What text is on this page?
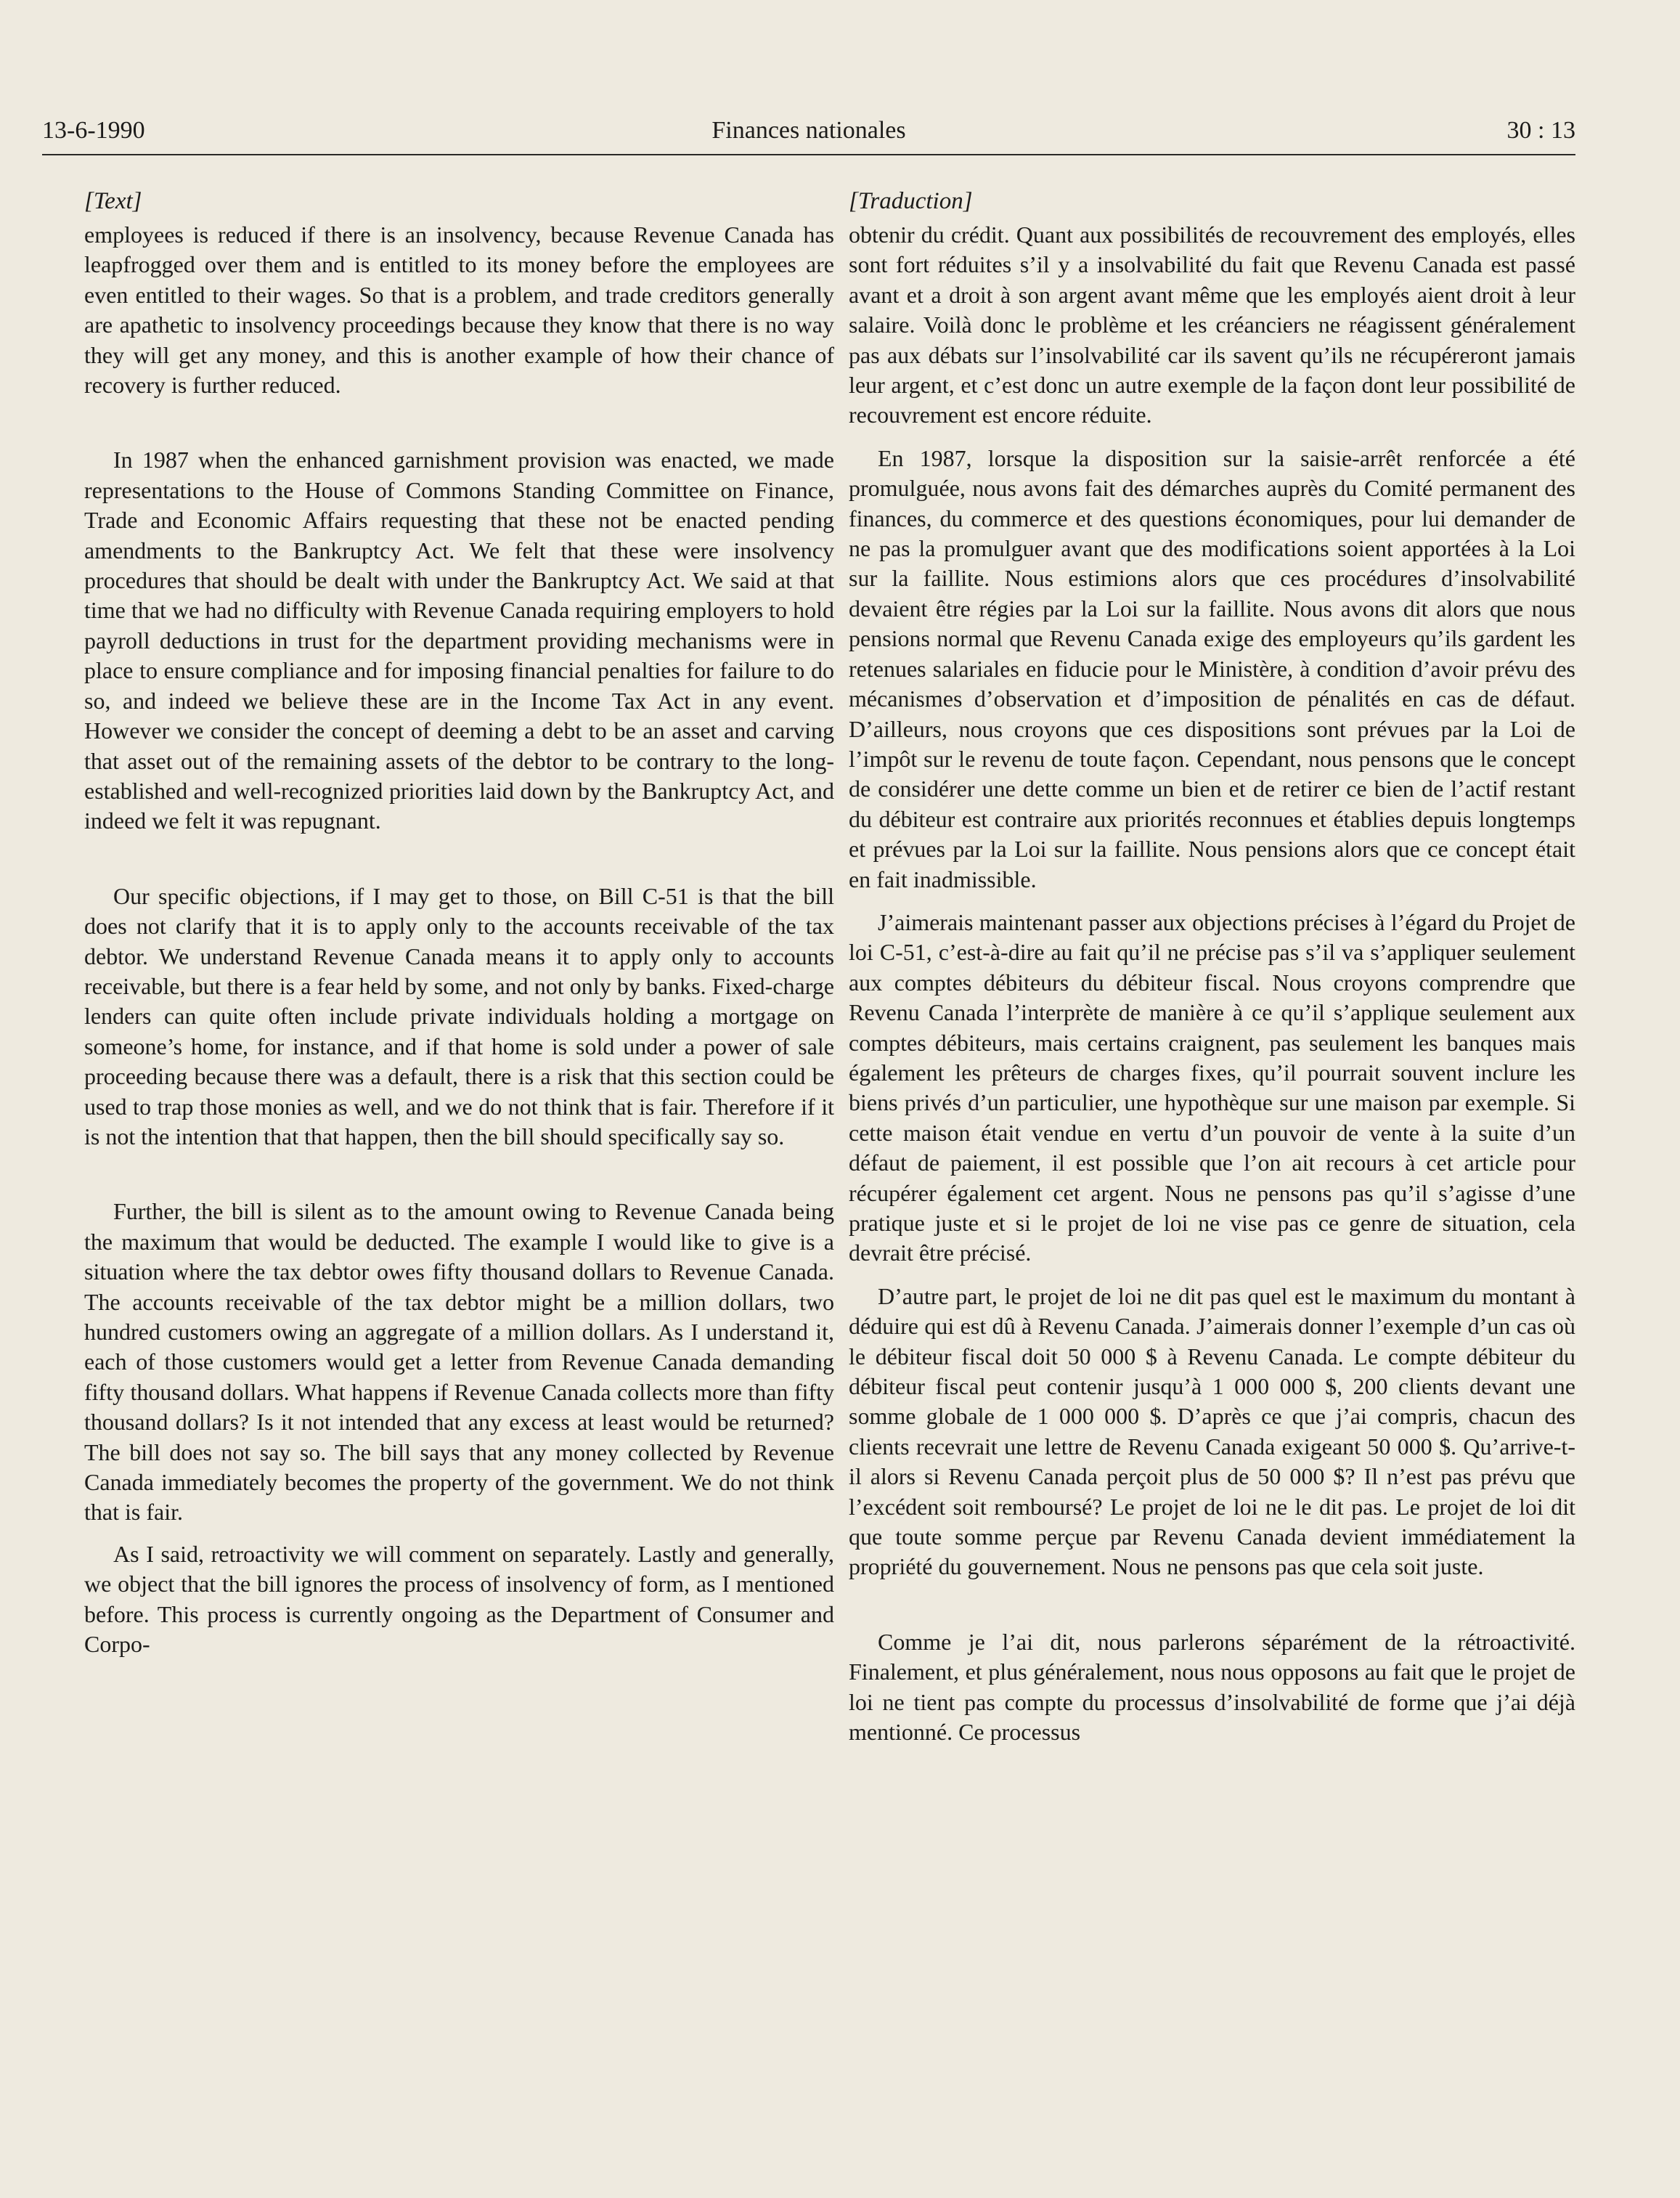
13-6-1990	Finances nationales	30 : 13
[Text]

employees is reduced if there is an insolvency, because Revenue Canada has leapfrogged over them and is entitled to its money before the employees are even entitled to their wages. So that is a problem, and trade creditors generally are apathetic to insolvency proceedings because they know that there is no way they will get any money, and this is another example of how their chance of recovery is further reduced.

In 1987 when the enhanced garnishment provision was enacted, we made representations to the House of Commons Standing Committee on Finance, Trade and Economic Affairs requesting that these not be enacted pending amendments to the Bankruptcy Act. We felt that these were insolvency procedures that should be dealt with under the Bankruptcy Act. We said at that time that we had no difficulty with Revenue Canada requiring employers to hold payroll deductions in trust for the department providing mechanisms were in place to ensure compliance and for imposing financial penalties for failure to do so, and indeed we believe these are in the Income Tax Act in any event. However we consider the concept of deeming a debt to be an asset and carving that asset out of the remaining assets of the debtor to be contrary to the long-established and well-recognized priorities laid down by the Bankruptcy Act, and indeed we felt it was repugnant.

Our specific objections, if I may get to those, on Bill C-51 is that the bill does not clarify that it is to apply only to the accounts receivable of the tax debtor. We understand Revenue Canada means it to apply only to accounts receivable, but there is a fear held by some, and not only by banks. Fixed-charge lenders can quite often include private individuals holding a mortgage on someone’s home, for instance, and if that home is sold under a power of sale proceeding because there was a default, there is a risk that this section could be used to trap those monies as well, and we do not think that is fair. Therefore if it is not the intention that that happen, then the bill should specifically say so.

Further, the bill is silent as to the amount owing to Revenue Canada being the maximum that would be deducted. The example I would like to give is a situation where the tax debtor owes fifty thousand dollars to Revenue Canada. The accounts receivable of the tax debtor might be a million dollars, two hundred customers owing an aggregate of a million dollars. As I understand it, each of those customers would get a letter from Revenue Canada demanding fifty thousand dollars. What happens if Revenue Canada collects more than fifty thousand dollars? Is it not intended that any excess at least would be returned? The bill does not say so. The bill says that any money collected by Revenue Canada immediately becomes the property of the government. We do not think that is fair.

As I said, retroactivity we will comment on separately. Lastly and generally, we object that the bill ignores the process of insolvency of form, as I mentioned before. This process is currently ongoing as the Department of Consumer and Corpo-

[Traduction]

obtenir du crédit. Quant aux possibilités de recouvrement des employés, elles sont fort réduites s’il y a insolvabilité du fait que Revenu Canada est passé avant et a droit à son argent avant même que les employés aient droit à leur salaire. Voilà donc le problème et les créanciers ne réagissent généralement pas aux débats sur l’insolvabilité car ils savent qu’ils ne récupéreront jamais leur argent, et c’est donc un autre exemple de la façon dont leur possibilité de recouvrement est encore réduite.

En 1987, lorsque la disposition sur la saisie-arrêt renforcée a été promulguée, nous avons fait des démarches auprès du Comité permanent des finances, du commerce et des questions économiques, pour lui demander de ne pas la promulguer avant que des modifications soient apportées à la Loi sur la faillite. Nous estimions alors que ces procédures d’insolvabilité devaient être régies par la Loi sur la faillite. Nous avons dit alors que nous pensions normal que Revenu Canada exige des employeurs qu’ils gardent les retenues salariales en fiducie pour le Ministère, à condition d’avoir prévu des mécanismes d’observation et d’imposition de pénalités en cas de défaut. D’ailleurs, nous croyons que ces dispositions sont prévues par la Loi de l’impôt sur le revenu de toute façon. Cependant, nous pensons que le concept de considérer une dette comme un bien et de retirer ce bien de l’actif restant du débiteur est contraire aux priorités reconnues et établies depuis longtemps et prévues par la Loi sur la faillite. Nous pensions alors que ce concept était en fait inadmissible.

J’aimerais maintenant passer aux objections précises à l’égard du Projet de loi C-51, c’est-à-dire au fait qu’il ne précise pas s’il va s’appliquer seulement aux comptes débiteurs du débiteur fiscal. Nous croyons comprendre que Revenu Canada l’interprète de manière à ce qu’il s’applique seulement aux comptes débiteurs, mais certains craignent, pas seulement les banques mais également les prêteurs de charges fixes, qu’il pourrait souvent inclure les biens privés d’un particulier, une hypothèque sur une maison par exemple. Si cette maison était vendue en vertu d’un pouvoir de vente à la suite d’un défaut de paiement, il est possible que l’on ait recours à cet article pour récupérer également cet argent. Nous ne pensons pas qu’il s’agisse d’une pratique juste et si le projet de loi ne vise pas ce genre de situation, cela devrait être précisé.

D’autre part, le projet de loi ne dit pas quel est le maximum du montant à déduire qui est dû à Revenu Canada. J’aimerais donner l’exemple d’un cas où le débiteur fiscal doit 50 000 $ à Revenu Canada. Le compte débiteur du débiteur fiscal peut contenir jusqu’à 1 000 000 $, 200 clients devant une somme globale de 1 000 000 $. D’après ce que j’ai compris, chacun des clients recevrait une lettre de Revenu Canada exigeant 50 000 $. Qu’arrive-t-il alors si Revenu Canada perçoit plus de 50 000 $? Il n’est pas prévu que l’excédent soit remboursé? Le projet de loi ne le dit pas. Le projet de loi dit que toute somme perçue par Revenu Canada devient immédiatement la propriété du gouvernement. Nous ne pensons pas que cela soit juste.

Comme je l’ai dit, nous parlerons séparément de la rétroactivité. Finalement, et plus généralement, nous nous opposons au fait que le projet de loi ne tient pas compte du processus d’insolvabilité de forme que j’ai déjà mentionné. Ce processus
